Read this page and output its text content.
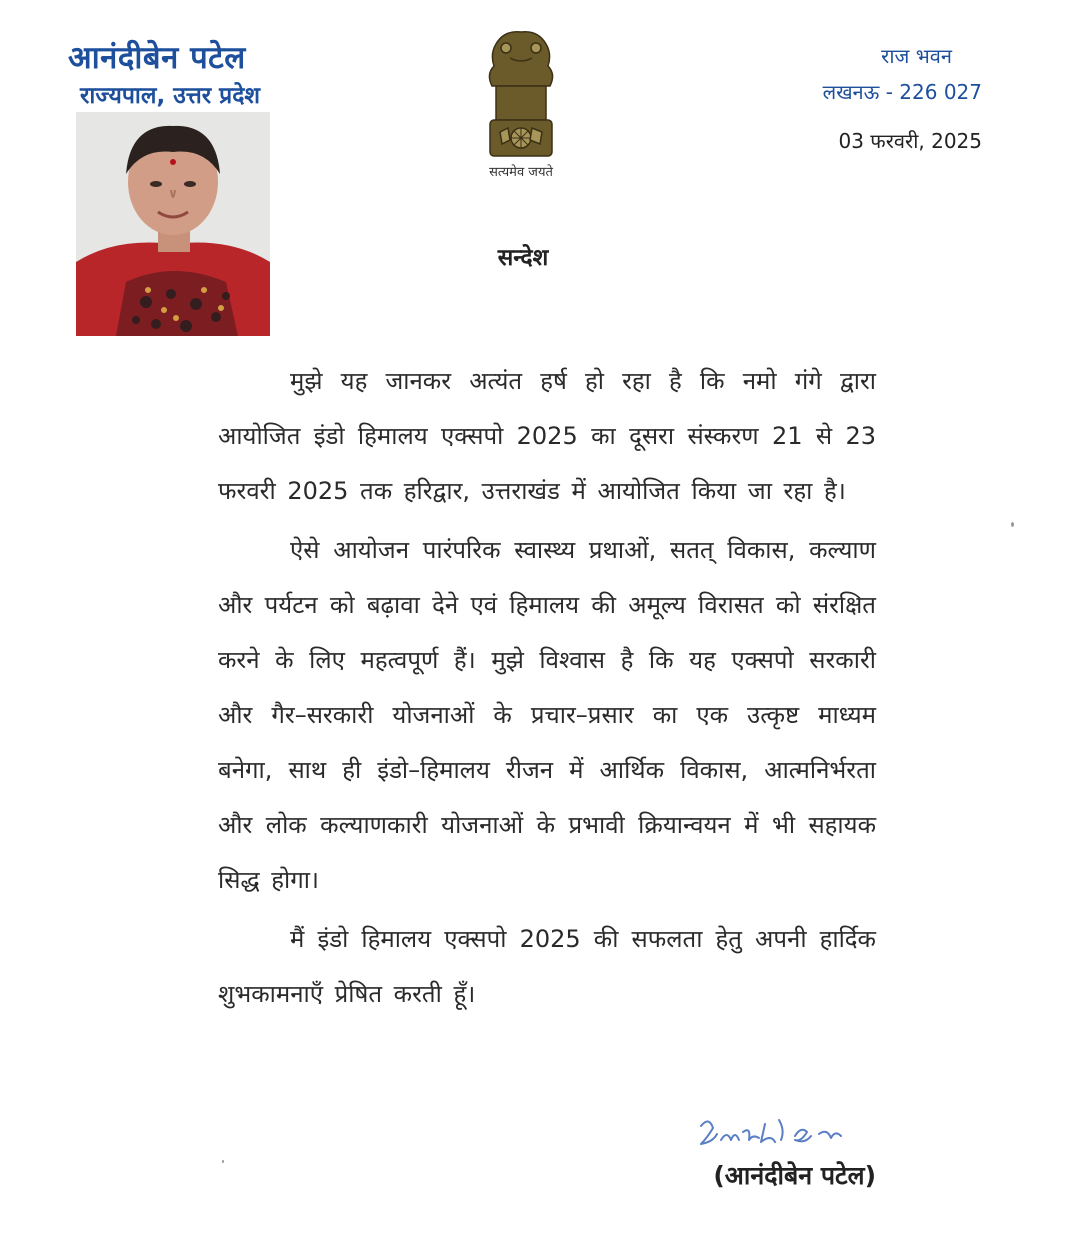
आनंदीबेन पटेल
राज्यपाल, उत्तर प्रदेश
सत्यमेव जयते
राज भवन
लखनऊ - 226 027
03 फरवरी, 2025
सन्देश

मुझे यह जानकर अत्यंत हर्ष हो रहा है कि नमो गंगे द्वारा आयोजित इंडो हिमालय एक्सपो 2025 का दूसरा संस्करण 21 से 23 फरवरी 2025 तक हरिद्वार, उत्तराखंड में आयोजित किया जा रहा है।

ऐसे आयोजन पारंपरिक स्वास्थ्य प्रथाओं, सतत् विकास, कल्याण और पर्यटन को बढ़ावा देने एवं हिमालय की अमूल्य विरासत को संरक्षित करने के लिए महत्वपूर्ण हैं। मुझे विश्वास है कि यह एक्सपो सरकारी और गैर–सरकारी योजनाओं के प्रचार–प्रसार का एक उत्कृष्ट माध्यम बनेगा, साथ ही इंडो–हिमालय रीजन में आर्थिक विकास, आत्मनिर्भरता और लोक कल्याणकारी योजनाओं के प्रभावी क्रियान्वयन में भी सहायक सिद्ध होगा।

मैं इंडो हिमालय एक्सपो 2025 की सफलता हेतु अपनी हार्दिक शुभकामनाएँ प्रेषित करती हूँ।

(आनंदीबेन पटेल)
